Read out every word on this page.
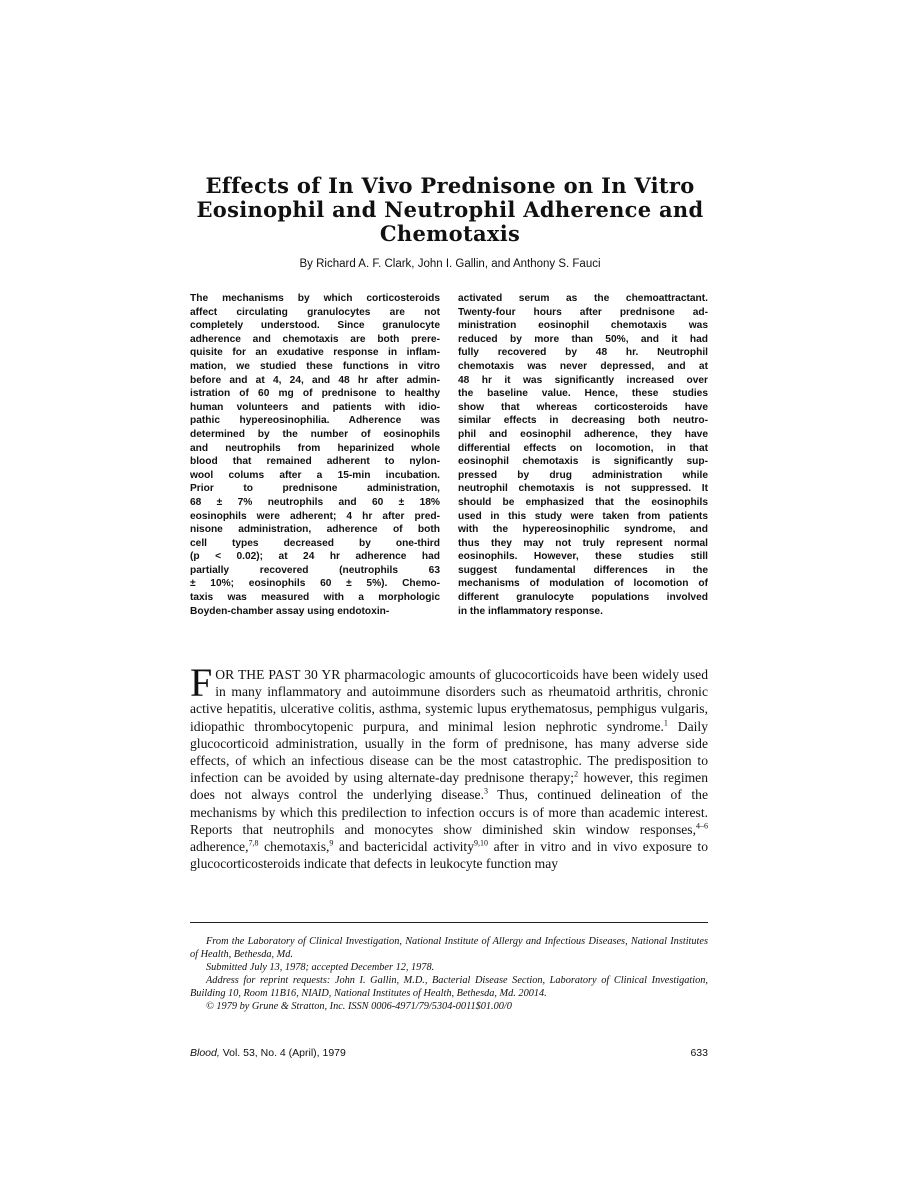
Effects of In Vivo Prednisone on In Vitro
Eosinophil and Neutrophil Adherence and
Chemotaxis
By Richard A. F. Clark, John I. Gallin, and Anthony S. Fauci
The mechanisms by which corticosteroids
affect circulating granulocytes are not
completely understood. Since granulocyte
adherence and chemotaxis are both prere-
quisite for an exudative response in inflam-
mation, we studied these functions in vitro
before and at 4, 24, and 48 hr after admin-
istration of 60 mg of prednisone to healthy
human volunteers and patients with idio-
pathic hypereosinophilia. Adherence was
determined by the number of eosinophils
and neutrophils from heparinized whole
blood that remained adherent to nylon-
wool colums after a 15-min incubation.
Prior to prednisone administration,
68 ± 7% neutrophils and 60 ± 18%
eosinophils were adherent; 4 hr after pred-
nisone administration, adherence of both
cell types decreased by one-third
(p < 0.02); at 24 hr adherence had
partially recovered (neutrophils 63
± 10%; eosinophils 60 ± 5%). Chemo-
taxis was measured with a morphologic
Boyden-chamber assay using endotoxin-
activated serum as the chemoattractant.
Twenty-four hours after prednisone ad-
ministration eosinophil chemotaxis was
reduced by more than 50%, and it had
fully recovered by 48 hr. Neutrophil
chemotaxis was never depressed, and at
48 hr it was significantly increased over
the baseline value. Hence, these studies
show that whereas corticosteroids have
similar effects in decreasing both neutro-
phil and eosinophil adherence, they have
differential effects on locomotion, in that
eosinophil chemotaxis is significantly sup-
pressed by drug administration while
neutrophil chemotaxis is not suppressed. It
should be emphasized that the eosinophils
used in this study were taken from patients
with the hypereosinophilic syndrome, and
thus they may not truly represent normal
eosinophils. However, these studies still
suggest fundamental differences in the
mechanisms of modulation of locomotion of
different granulocyte populations involved
in the inflammatory response.
FOR THE PAST 30 YR pharmacologic amounts of glucocorticoids have been widely used in many inflammatory and autoimmune disorders such as rheumatoid arthritis, chronic active hepatitis, ulcerative colitis, asthma, systemic lupus erythematosus, pemphigus vulgaris, idiopathic thrombocytopenic purpura, and minimal lesion nephrotic syndrome.$^1$ Daily glucocorticoid administration, usually in the form of prednisone, has many adverse side effects, of which an infectious disease can be the most catastrophic. The predisposition to infection can be avoided by using alternate-day prednisone therapy;$^2$ however, this regimen does not always control the underlying disease.$^3$ Thus, continued delineation of the mechanisms by which this predilection to infection occurs is of more than academic interest. Reports that neutrophils and monocytes show diminished skin window responses,$^{4-6}$ adherence,$^{7,8}$ chemotaxis,$^9$ and bactericidal activity$^{9,10}$ after in vitro and in vivo exposure to glucocorticosteroids indicate that defects in leukocyte function may

From the Laboratory of Clinical Investigation, National Institute of Allergy and Infectious Diseases, National Institutes of Health, Bethesda, Md.

Submitted July 13, 1978; accepted December 12, 1978.

Address for reprint requests: John I. Gallin, M.D., Bacterial Disease Section, Laboratory of Clinical Investigation, Building 10, Room 11B16, NIAID, National Institutes of Health, Bethesda, Md. 20014.

© 1979 by Grune & Stratton, Inc. ISSN 0006-4971/79/5304-0011$01.00/0

Blood, Vol. 53, No. 4 (April), 1979	633
